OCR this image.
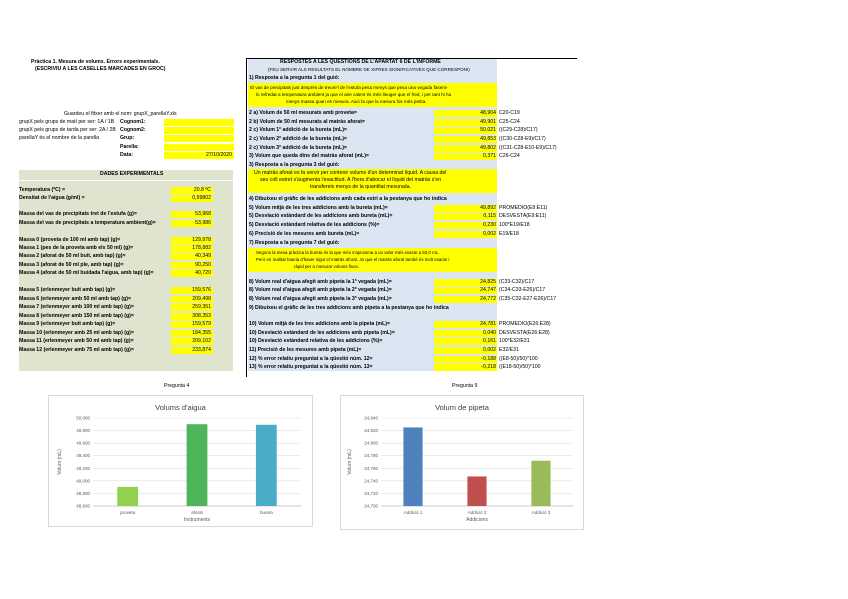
Pràctica 1. Mesura de volums. Errors experimentals.
(ESCRIVIU A LES CASELLES MARCADES EN GROC)
Guardeu el fitxer amb el nom: grupX_parellaY.xls
grupX pels grups de matí per ser: 1A / 1B
grupX pels grups de tarda per ser: 2A / 2B
parellaY és el nombre de la parella
Cognom1:
Cognom2:
Grup:
Parella:
Data:	27/10/2020
DADES EXPERIMENTALS
Temperatura (ºC) =	20.8 ºC
Densitat de l'aigua (g/ml) =	0,99802
Massa del vas de precipitats tret de l'estufa (g)=	53,968
Massa del vas de precipitats a temperatura ambient(g)=	53,986
Massa 0 (proveta de 100 ml amb tap) (g)=	129,978
Massa 1 (pes de la proveta amb els 50 ml) (g)=	178,882
Massa 2 (aforat de 50 ml buit, amb tap) (g)=	40,349
Massa 3 (aforat de 50 ml ple, amb tap) (g)=	90,250
Massa 4 (aforat de 50 ml buidada l'aigua, amb tap) (g)=	40,720
Massa 5 (erlenmeyer buit amb tap) (g)=	159,576
Massa 6 (erlenmeyer amb 50 ml amb tap) (g)=	209,498
Massa 7 (erlenmeyer amb 100 ml amb tap) (g)=	259,351
Massa 8 (erlenmeyer amb 150 ml amb tap) (g)=	308,353
Massa 9 (erlenmeyer buit amb tap) (g)=	159,579
Massa 10 (erlenmeyer amb 25 ml amb tap) (g)=	184,355
Massa 11 (erlenmeyer amb 50 ml amb tap) (g)=	209,102
Massa 12 (erlenmeyer amb 75 ml amb tap) (g)=	233,874
RESPOSTES A LES QÜESTIONS DE L'APARTAT 6 DE L'INFORME
(FEU SERVIR ALS RESULTATS EL NOMBRE DE XIFRES SIGNIFICATIVES QUE CORRESPONI)
1) Resposta a la pregunta 1 del guió:
El vas de precipitats just després de treure'l de l'estufa pesa menys que pesa una vegada fasent-
lo refredat a temperatura ambient ja que el aire calent és més lleuger que el fred, i per tant hi ha
menys massa quan es mesura. Això fa que la mesura fos més petita.
2 a) Volum de 50 ml mesurats amb proveta=	48,904 C20-C19
2 b) Volum de 50 ml mesurats al matràs aforat=	49,901 C25-C24
2 c) Volum 1ª addició de la bureta (mL)=	50,021 ((C29-C28)/C17)
2 c) Volum 2ª addició de la bureta (mL)=	49,853 ((C30-C28-E9)/C17)
2 c) Volum 3ª addició de la bureta (mL)=	49,802 ((C31-C28-E10-E9)/C17)
3) Volum que queda dins del matràs aforat (mL)=	0,371 C26-C24
3) Resposta a la pregunta 3 del guió:
Un matràs aforat es fa servir per contenir volums d'un determinat líquid. A causa del
seu coll estret s'augmenta l'exactitud. A l'hora d'abocar el líquid del matràs s'en
transfereix menys de la quantitat mesurada.
4) Dibuixeu el gràfic de les addicions amb cada estri a la pestanya que ho indica
5) Volum mitjà de les tres addicions amb la bureta (mL)=	49,892 PROMEDIO(E9:E11)
5) Desviació estàndard de les addicions amb bureta (mL)=	0,115 DESVESTA(E9:E11)
5) Desviació estàndard relativa de les addicions (%)=	0,230 100*E19/E18
6) Precisió de les mesures amb bureta (mL)=	0,002 E19/E18
7) Resposta a la pregunta 7 del guió:
Segons la meva pràctica la bureta és la que més s'aproxima a un valor més exacte a 50,0 mL.
Però en realitat hauria d'haver sigut el matràs aforat. Ja que el matràs aforat també és molt exacte i
ràpid per a mesurar volums fixos.
8) Volum real d'aigua afegit amb pipeta la 1ª vegada (mL)=	24,825 (C33-C32)/C17
8) Volum real d'aigua afegit amb pipeta la 2ª vegada (mL)=	24,747 (C34-C33-E26)/C17
8) Volum real d'aigua afegit amb pipeta la 3ª vegada (mL)=	24,772 (C35-C32-E27-E26)/C17
9) Dibuixeu el gràfic de les tres addicions amb pipeta a la pestanya que ho indica
10) Volum mitjà de les tres addicions amb la pipeta (mL)=	24,781 PROMEDIO(E26:E28)
10) Desviació estàndard de les addicions amb pipeta (mL)=	0,040 DESVESTA(E26:E28)
10) Desviació estàndard relativa de les addicions (%)=	0,161 100*E32/E31
11) Precisió de les mesures amb pipeta (mL)=	0,002 E32/E31
12) % error relatiu preguntat a la qüestió núm. 12=	-0,188 ((E8-50)/50)*100
13) % error relatiu preguntat a la qüestió núm. 13=	-0,218 ((E18-50)/50)*100
Pregunta 4	Pregunta 9
Volums d'aigua
48,600
48,800
49,000
49,200
49,400
49,600
49,800
50,000
proveta	aforat	bureta
Instruments
Volum (mL)
Volum de pipeta
24,700
24,720
24,740
24,760
24,780
24,800
24,820
24,840
Addició 1	Addició 2	Addició 3
Addicions
Volum (mL)
